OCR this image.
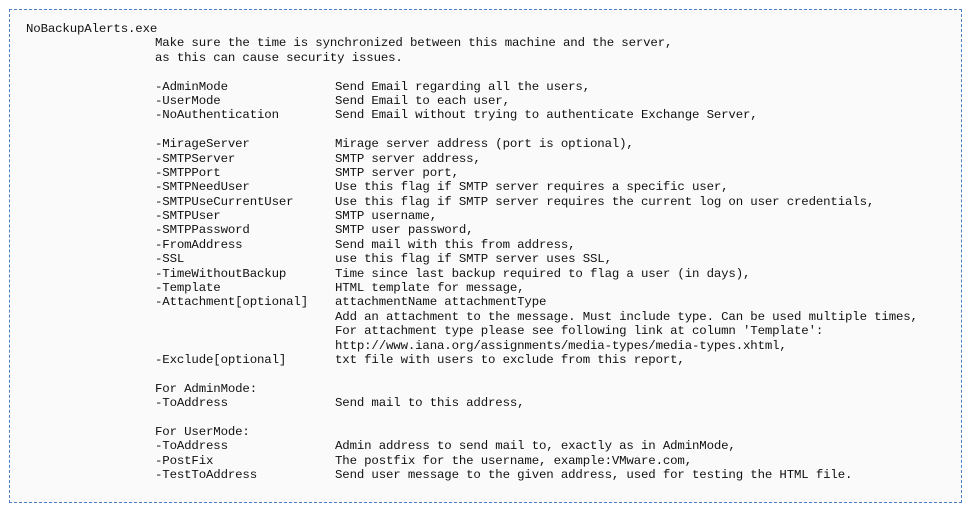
NoBackupAlerts.exe
Make sure the time is synchronized between this machine and the server,
as this can cause security issues.
-AdminMode	Send Email regarding all the users,
-UserMode	Send Email to each user,
-NoAuthentication	Send Email without trying to authenticate Exchange Server,
-MirageServer	Mirage server address (port is optional),
-SMTPServer	SMTP server address,
-SMTPPort	SMTP server port,
-SMTPNeedUser	Use this flag if SMTP server requires a specific user,
-SMTPUseCurrentUser	Use this flag if SMTP server requires the current log on user credentials,
-SMTPUser	SMTP username,
-SMTPPassword	SMTP user password,
-FromAddress	Send mail with this from address,
-SSL	use this flag if SMTP server uses SSL,
-TimeWithoutBackup	Time since last backup required to flag a user (in days),
-Template	HTML template for message,
-Attachment[optional]	attachmentName attachmentType
Add an attachment to the message. Must include type. Can be used multiple times,
For attachment type please see following link at column 'Template':
http://www.iana.org/assignments/media-types/media-types.xhtml,
-Exclude[optional]	txt file with users to exclude from this report,
For AdminMode:
-ToAddress	Send mail to this address,
For UserMode:
-ToAddress	Admin address to send mail to, exactly as in AdminMode,
-PostFix	The postfix for the username, example:VMware.com,
-TestToAddress	Send user message to the given address, used for testing the HTML file.
